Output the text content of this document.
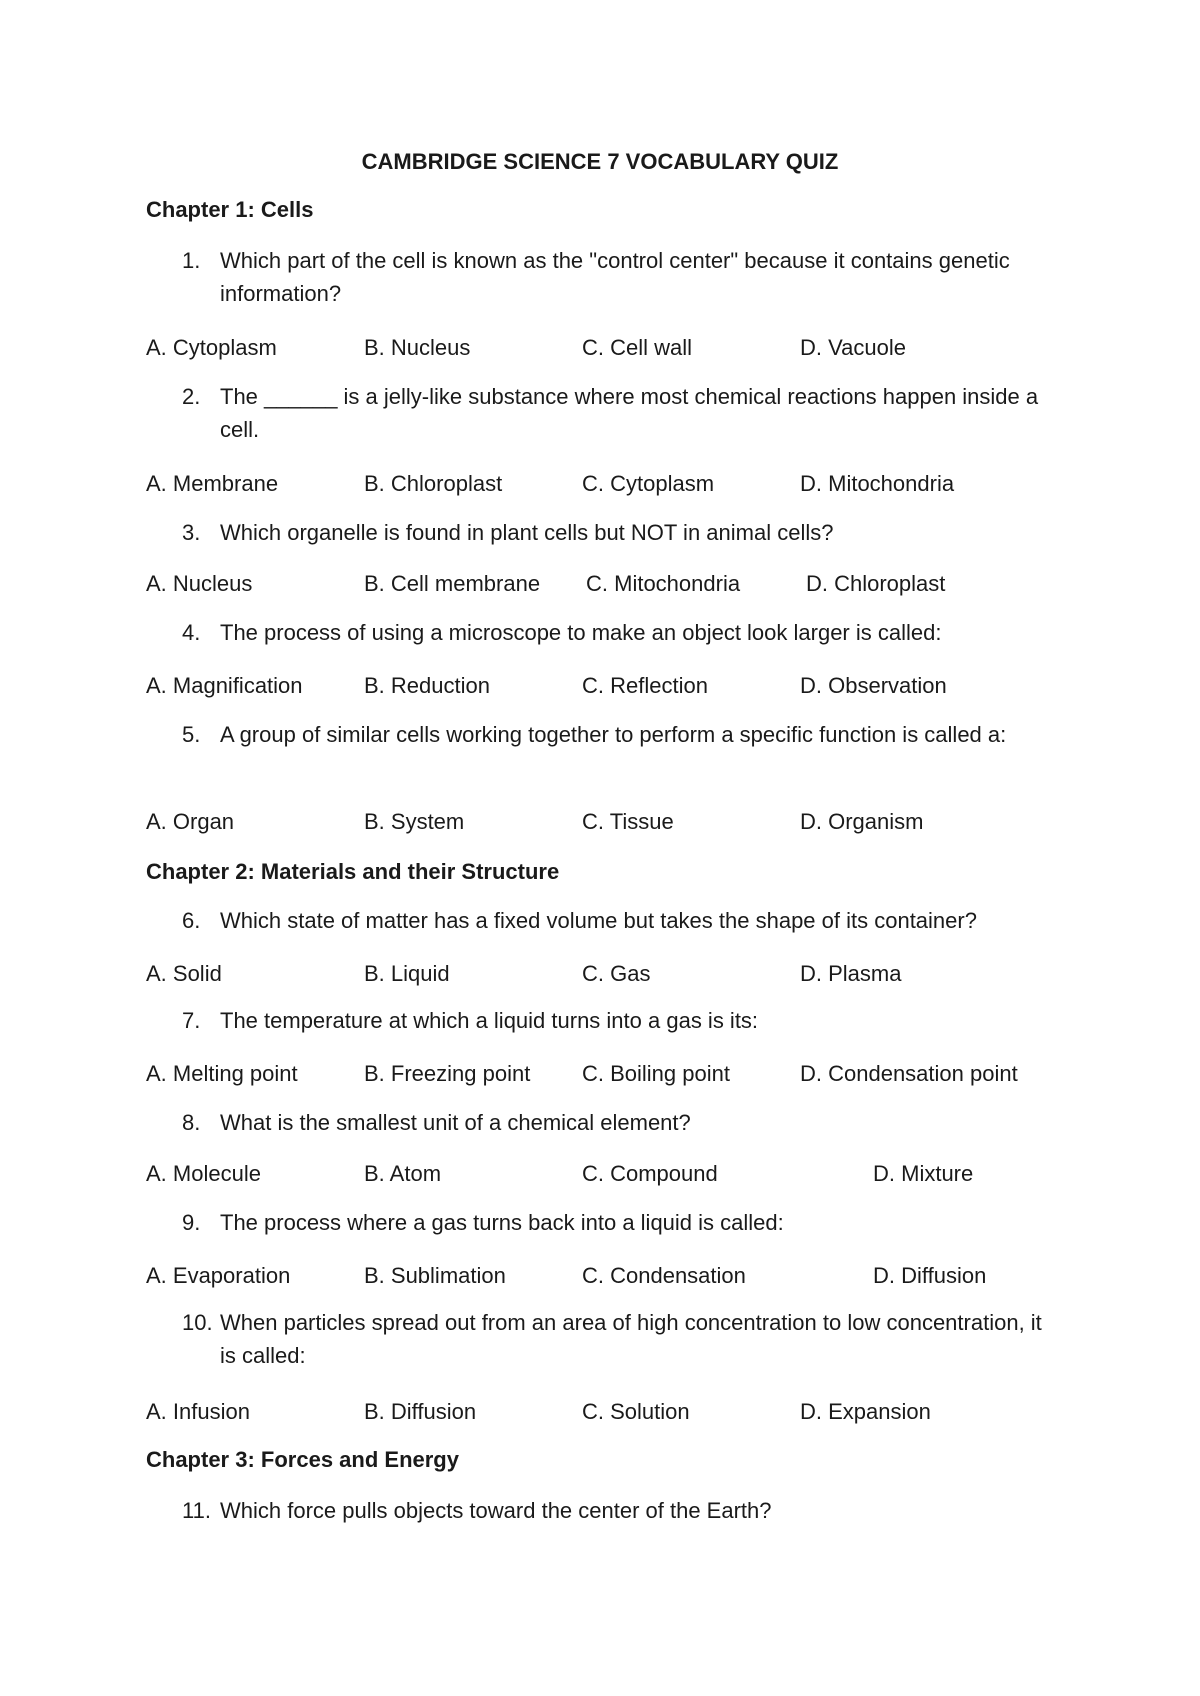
CAMBRIDGE SCIENCE 7 VOCABULARY QUIZ
Chapter 1: Cells
1. Which part of the cell is known as the "control center" because it contains genetic information?
A. Cytoplasm	B. Nucleus	C. Cell wall	D. Vacuole
2. The ______ is a jelly-like substance where most chemical reactions happen inside a cell.
A. Membrane	B. Chloroplast	C. Cytoplasm	D. Mitochondria
3. Which organelle is found in plant cells but NOT in animal cells?
A. Nucleus	B. Cell membrane C. Mitochondria	D. Chloroplast
4. The process of using a microscope to make an object look larger is called:
A. Magnification	B. Reduction	C. Reflection	D. Observation
5. A group of similar cells working together to perform a specific function is called a:
A. Organ	B. System	C. Tissue	D. Organism
Chapter 2: Materials and their Structure
6. Which state of matter has a fixed volume but takes the shape of its container?
A. Solid	B. Liquid	C. Gas	D. Plasma
7. The temperature at which a liquid turns into a gas is its:
A. Melting point	B. Freezing point C. Boiling point	D. Condensation point
8. What is the smallest unit of a chemical element?
A. Molecule	B. Atom	C. Compound	D. Mixture
9. The process where a gas turns back into a liquid is called:
A. Evaporation	B. Sublimation	C. Condensation	D. Diffusion
10. When particles spread out from an area of high concentration to low concentration, it is called:
A. Infusion	B. Diffusion	C. Solution	D. Expansion
Chapter 3: Forces and Energy
11. Which force pulls objects toward the center of the Earth?
